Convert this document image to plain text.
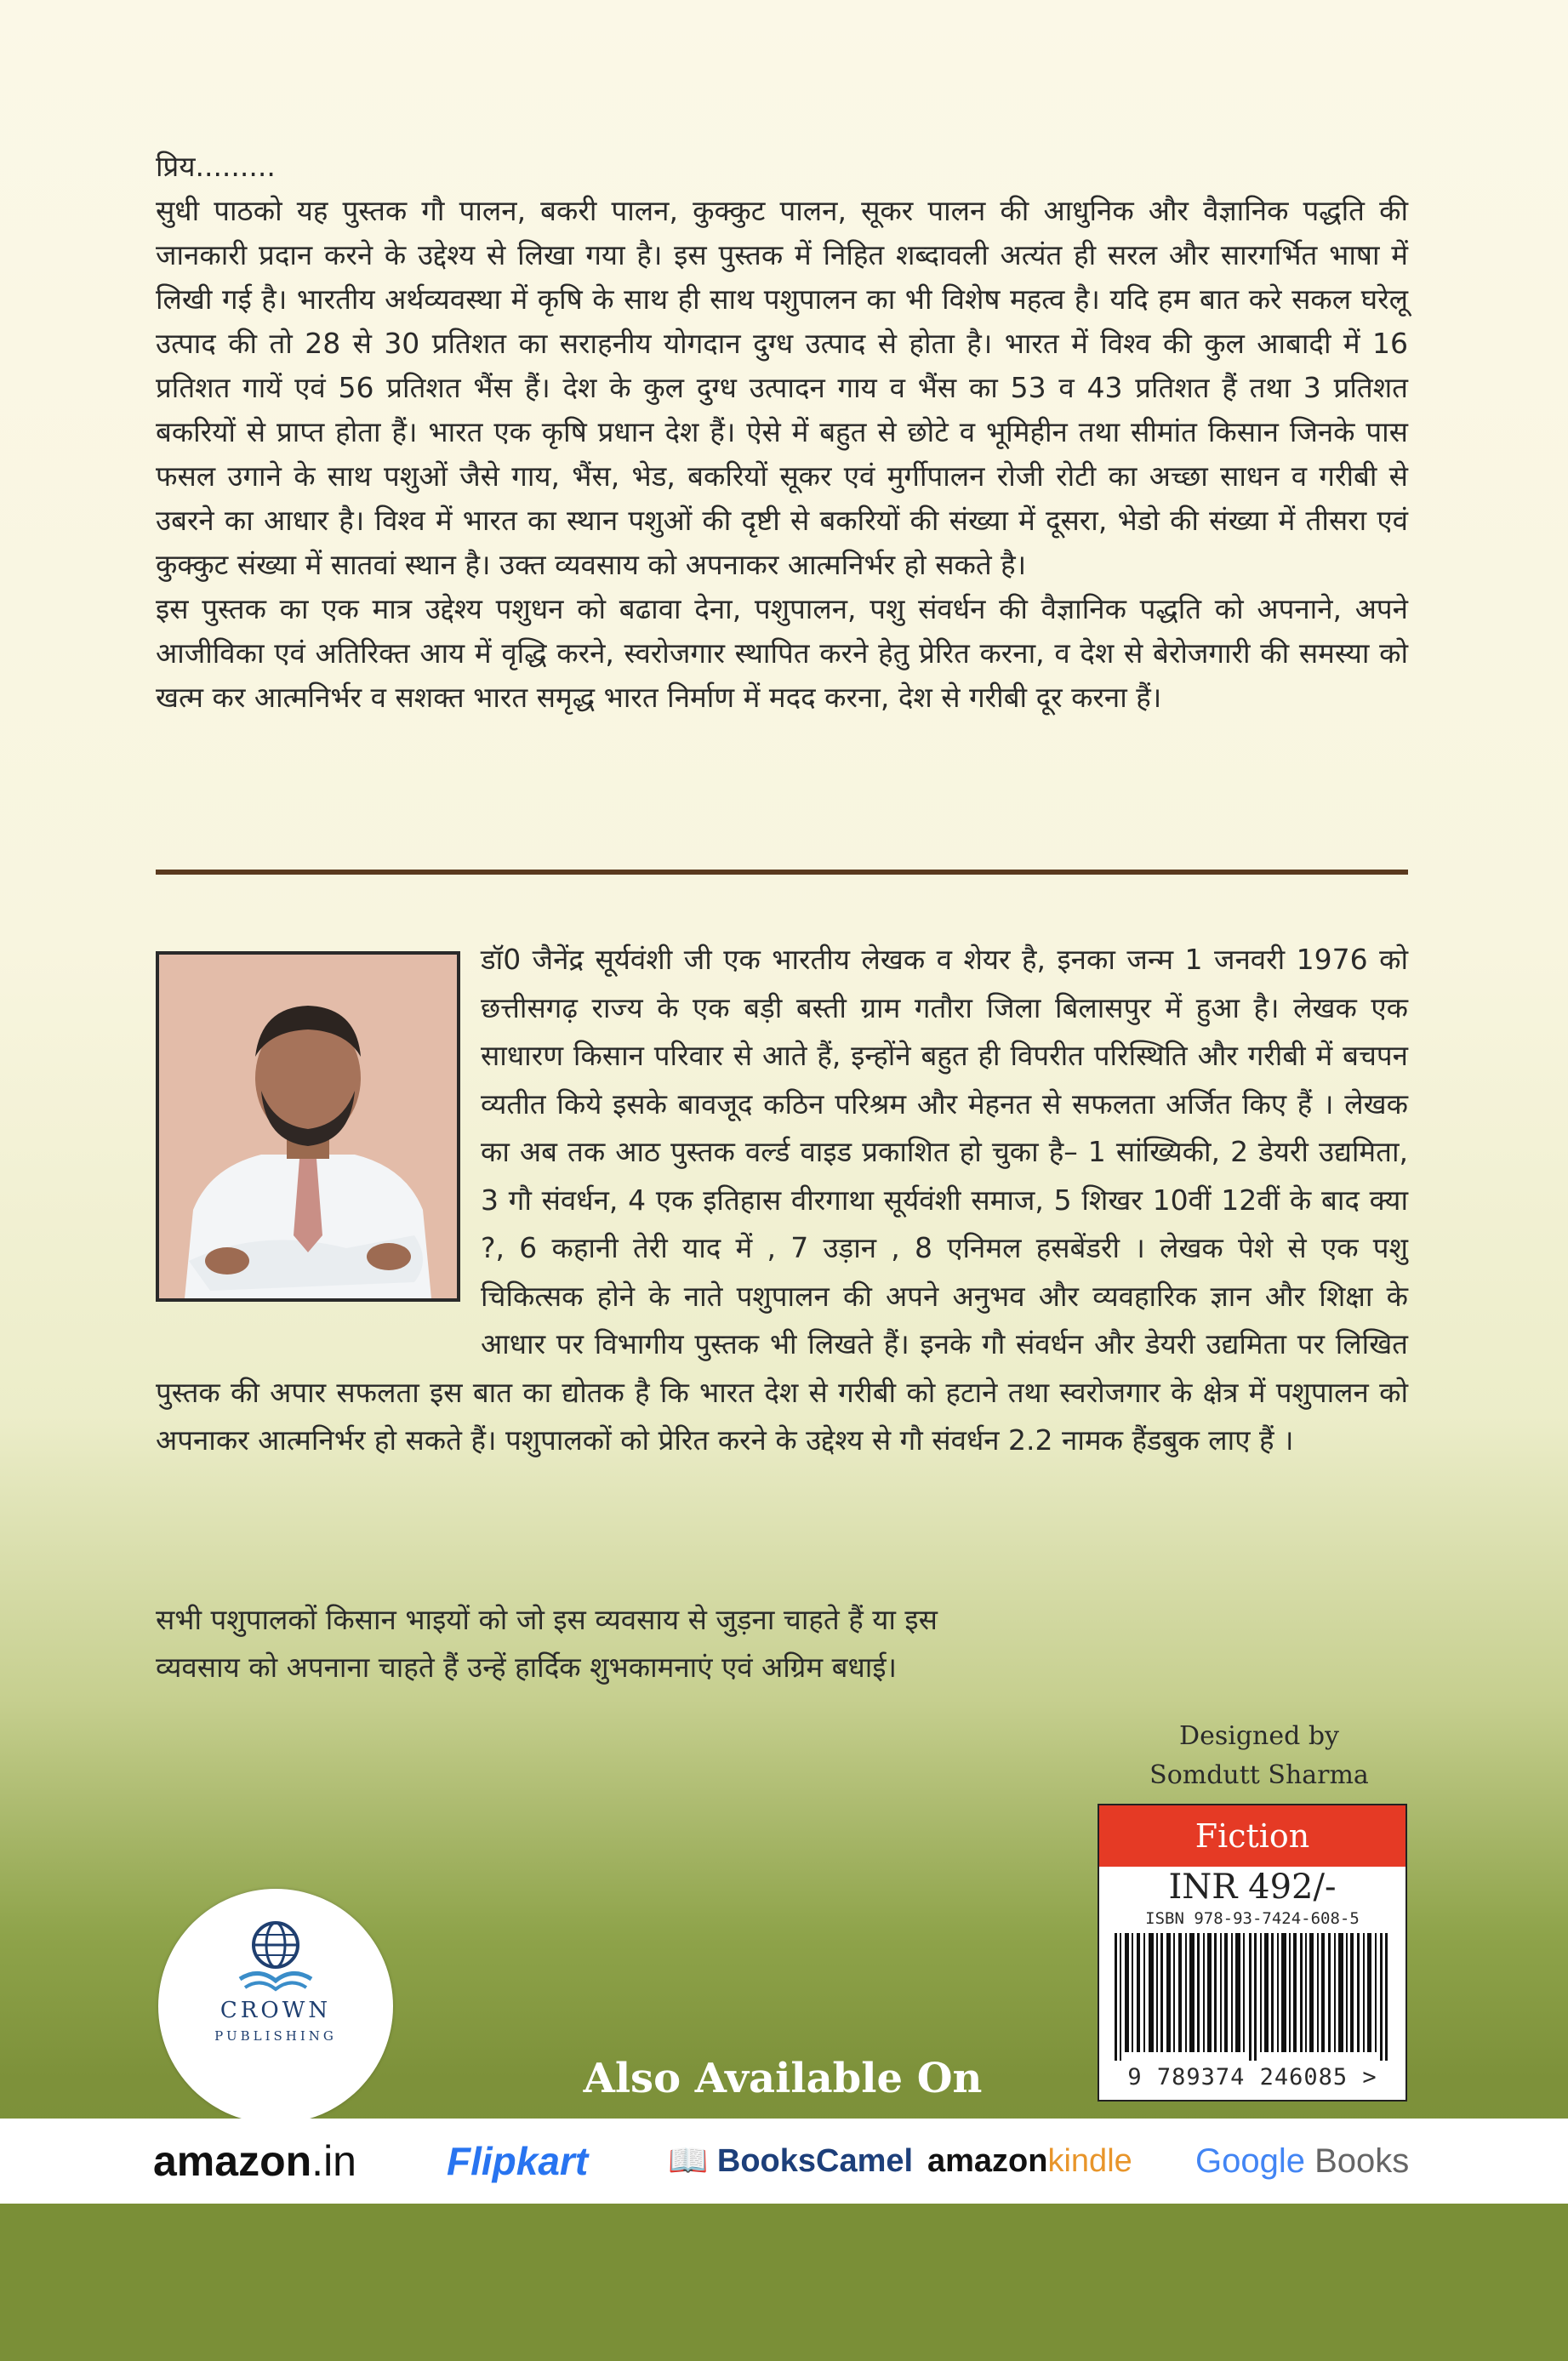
प्रिय.........

सुधी पाठको यह पुस्तक गौ पालन, बकरी पालन, कुक्कुट पालन, सूकर पालन की आधुनिक और वैज्ञानिक पद्धति की जानकारी प्रदान करने के उद्देश्य से लिखा गया है। इस पुस्तक में निहित शब्दावली अत्यंत ही सरल और सारगर्भित भाषा में लिखी गई है। भारतीय अर्थव्यवस्था में कृषि के साथ ही साथ पशुपालन का भी विशेष महत्व है। यदि हम बात करे सकल घरेलू उत्पाद की तो 28 से 30 प्रतिशत का सराहनीय योगदान दुग्ध उत्पाद से होता है। भारत में विश्व की कुल आबादी में 16 प्रतिशत गायें एवं 56 प्रतिशत भैंस हैं। देश के कुल दुग्ध उत्पादन गाय व भैंस का 53 व 43 प्रतिशत हैं तथा 3 प्रतिशत बकरियों से प्राप्त होता हैं। भारत एक कृषि प्रधान देश हैं। ऐसे में बहुत से छोटे व भूमिहीन तथा सीमांत किसान जिनके पास फसल उगाने के साथ पशुओं जैसे गाय, भैंस, भेड, बकरियों सूकर एवं मुर्गीपालन रोजी रोटी का अच्छा साधन व गरीबी से उबरने का आधार है। विश्व में भारत का स्थान पशुओं की दृष्टी से बकरियों की संख्या में दूसरा, भेडो की संख्या में तीसरा एवं कुक्कुट संख्या में सातवां स्थान है। उक्त व्यवसाय को अपनाकर आत्मनिर्भर हो सकते है।

इस पुस्तक का एक मात्र उद्देश्य पशुधन को बढावा देना, पशुपालन, पशु संवर्धन की वैज्ञानिक पद्धति को अपनाने, अपने आजीविका एवं अतिरिक्त आय में वृद्धि करने, स्वरोजगार स्थापित करने हेतु प्रेरित करना, व देश से बेरोजगारी की समस्या को खत्म कर आत्मनिर्भर व सशक्त भारत समृद्ध भारत निर्माण में मदद करना, देश से गरीबी दूर करना हैं।

डॉ0 जैनेंद्र सूर्यवंशी जी एक भारतीय लेखक व शेयर है, इनका जन्म 1 जनवरी 1976 को छत्तीसगढ़ राज्य के एक बड़ी बस्ती ग्राम गतौरा जिला बिलासपुर में हुआ है। लेखक एक साधारण किसान परिवार से आते हैं, इन्होंने बहुत ही विपरीत परिस्थिति और गरीबी में बचपन व्यतीत किये इसके बावजूद कठिन परिश्रम और मेहनत से सफलता अर्जित किए हैं । लेखक का अब तक आठ पुस्तक वर्ल्ड वाइड प्रकाशित हो चुका है– 1 सांख्यिकी, 2 डेयरी उद्यमिता, 3 गौ संवर्धन, 4 एक इतिहास वीरगाथा सूर्यवंशी समाज, 5 शिखर 10वीं 12वीं के बाद क्या ?, 6 कहानी तेरी याद में , 7 उड़ान , 8 एनिमल हसबेंडरी । लेखक पेशे से एक पशु चिकित्सक होने के नाते पशुपालन की अपने अनुभव और व्यवहारिक ज्ञान और शिक्षा के आधार पर विभागीय पुस्तक भी लिखते हैं। इनके गौ संवर्धन और डेयरी उद्यमिता पर लिखित पुस्तक की अपार सफलता इस बात का द्योतक है कि भारत देश से गरीबी को हटाने तथा स्वरोजगार के क्षेत्र में पशुपालन को अपनाकर आत्मनिर्भर हो सकते हैं। पशुपालकों को प्रेरित करने के उद्देश्य से गौ संवर्धन 2.2 नामक हैंडबुक लाए हैं ।
सभी पशुपालकों किसान भाइयों को जो इस व्यवसाय से जुड़ना चाहते हैं या इस
व्यवसाय को अपनाना चाहते हैं उन्हें हार्दिक शुभकामनाएं एवं अग्रिम बधाई।
Designed by
Somdutt Sharma
Fiction
INR 492/-
ISBN 978-93-7424-608-5
9 789374 246085 >
CROWN
PUBLISHING
Also Available On
amazon.in Flipkart 📖 BooksCamel amazonkindle Google Books
